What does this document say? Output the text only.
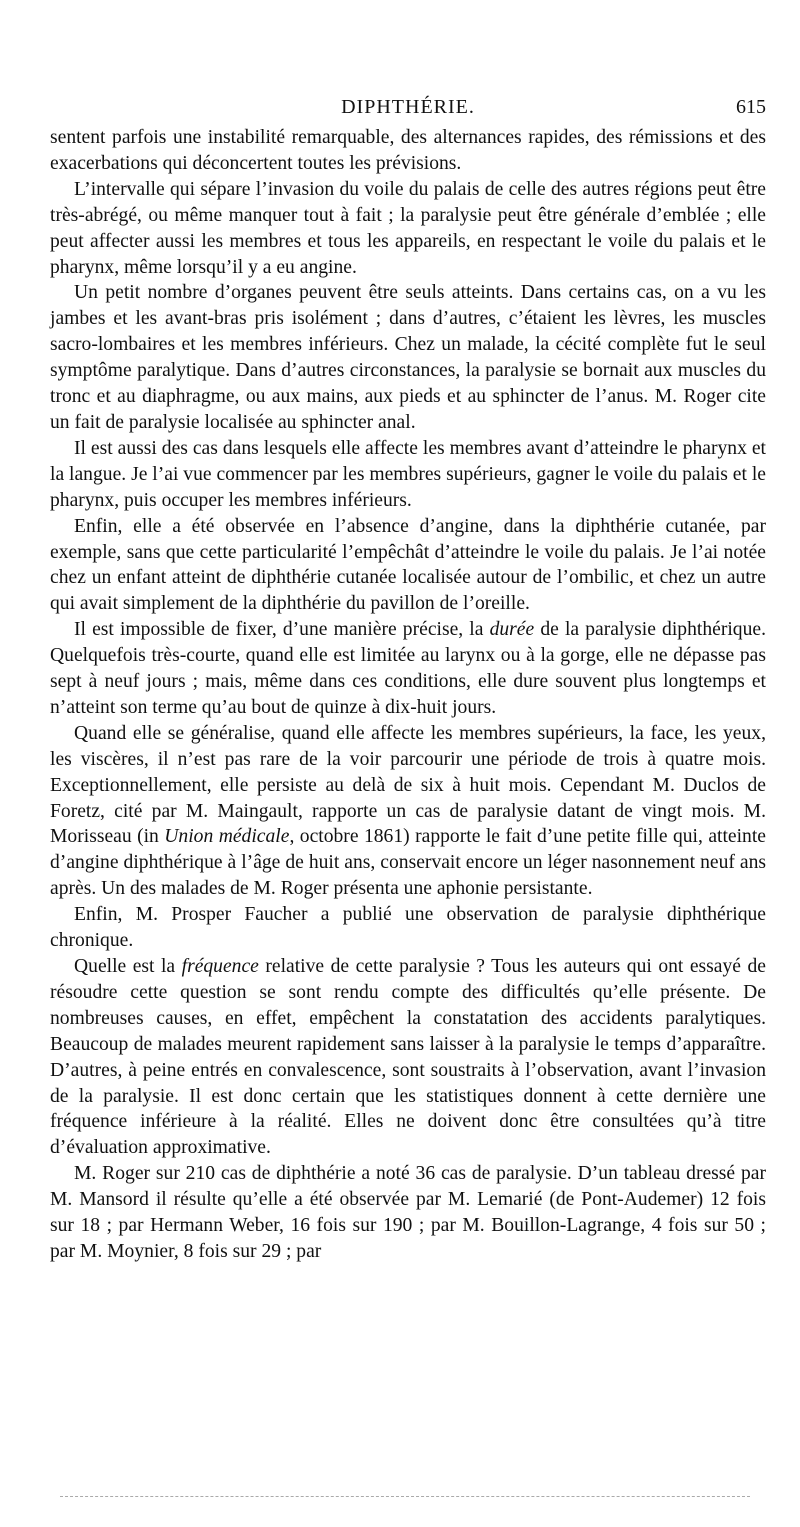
DIPHTHÉRIE.	615

sentent parfois une instabilité remarquable, des alternances rapides, des rémissions et des exacerbations qui déconcertent toutes les prévisions.

L’intervalle qui sépare l’invasion du voile du palais de celle des autres régions peut être très-abrégé, ou même manquer tout à fait ; la paralysie peut être générale d’emblée ; elle peut affecter aussi les membres et tous les appareils, en respectant le voile du palais et le pharynx, même lorsqu’il y a eu angine.

Un petit nombre d’organes peuvent être seuls atteints. Dans certains cas, on a vu les jambes et les avant-bras pris isolément ; dans d’autres, c’étaient les lèvres, les muscles sacro-lombaires et les membres inférieurs. Chez un malade, la cécité complète fut le seul symptôme paralytique. Dans d’autres circonstances, la paralysie se bornait aux muscles du tronc et au diaphragme, ou aux mains, aux pieds et au sphincter de l’anus. M. Roger cite un fait de paralysie localisée au sphincter anal.

Il est aussi des cas dans lesquels elle affecte les membres avant d’atteindre le pharynx et la langue. Je l’ai vue commencer par les membres supérieurs, gagner le voile du palais et le pharynx, puis occuper les membres inférieurs.

Enfin, elle a été observée en l’absence d’angine, dans la diphthérie cutanée, par exemple, sans que cette particularité l’empêchât d’atteindre le voile du palais. Je l’ai notée chez un enfant atteint de diphthérie cutanée localisée autour de l’ombilic, et chez un autre qui avait simplement de la diphthérie du pavillon de l’oreille.

Il est impossible de fixer, d’une manière précise, la durée de la paralysie diphthérique. Quelquefois très-courte, quand elle est limitée au larynx ou à la gorge, elle ne dépasse pas sept à neuf jours ; mais, même dans ces conditions, elle dure souvent plus longtemps et n’atteint son terme qu’au bout de quinze à dix-huit jours.

Quand elle se généralise, quand elle affecte les membres supérieurs, la face, les yeux, les viscères, il n’est pas rare de la voir parcourir une période de trois à quatre mois. Exceptionnellement, elle persiste au delà de six à huit mois. Cependant M. Duclos de Foretz, cité par M. Maingault, rapporte un cas de paralysie datant de vingt mois. M. Morisseau (in Union médicale, octobre 1861) rapporte le fait d’une petite fille qui, atteinte d’angine diphthérique à l’âge de huit ans, conservait encore un léger nasonnement neuf ans après. Un des malades de M. Roger présenta une aphonie persistante.

Enfin, M. Prosper Faucher a publié une observation de paralysie diphthérique chronique.

Quelle est la fréquence relative de cette paralysie ? Tous les auteurs qui ont essayé de résoudre cette question se sont rendu compte des difficultés qu’elle présente. De nombreuses causes, en effet, empêchent la constatation des accidents paralytiques. Beaucoup de malades meurent rapidement sans laisser à la paralysie le temps d’apparaître. D’autres, à peine entrés en convalescence, sont soustraits à l’observation, avant l’invasion de la paralysie. Il est donc certain que les statistiques donnent à cette dernière une fréquence inférieure à la réalité. Elles ne doivent donc être consultées qu’à titre d’évaluation approximative.

M. Roger sur 210 cas de diphthérie a noté 36 cas de paralysie. D’un tableau dressé par M. Mansord il résulte qu’elle a été observée par M. Lemarié (de Pont-Audemer) 12 fois sur 18 ; par Hermann Weber, 16 fois sur 190 ; par M. Bouillon-Lagrange, 4 fois sur 50 ; par M. Moynier, 8 fois sur 29 ; par
